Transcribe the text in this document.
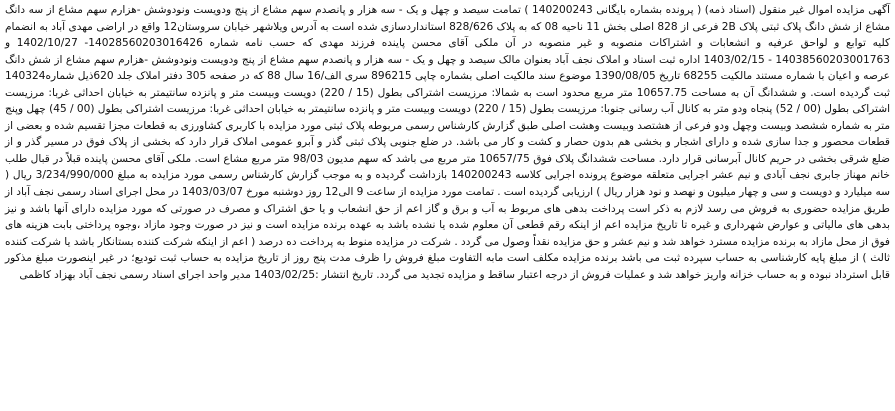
آگهی مزایده اموال غیر منقول (اسناد ذمه) ( پرونده بشماره بایگانی 140200243 ) تمامت سیصد و چهل و یک - سه هزار و پانصدم سهم مشاع از پنج ودویست ونودوشش -هزارم سهم مشاع از سه دانگ مشاع از شش دانگ پلاک ثبتی پلاک 2B فرعی از 828 اصلی بخش 11 ناحیه 08 که به پلاک 828/626 استانداردسازی شده است به آدرس ویلاشهر خیابان سروستان12 واقع در اراضی مهدی آباد به انضمام کلیه توابع و لواحق عرفیه و انشعابات و اشتراکات منصوبه و غیر منصوبه در آن ملکی آقای محسن پاینده فرزند مهدی که حسب نامه شماره 14028560203016426- 1402/10/27 و 14038560203001763 - 1403/02/15 اداره ثبت اسناد و املاک نجف آباد بعنوان مالک سیصد و چهل و یک - سه هزار و پانصدم سهم مشاع از پنج ودویست ونودوشش -هزارم سهم مشاع از شش دانگ عرصه و اعیان با شماره مستند مالکیت 68255 تاریخ 1390/08/05 موضوع سند مالکیت اصلی بشماره چاپی 896215 سری الف/16 سال 88 که در صفحه 305 دفتر املاک جلد 620ذیل شماره140324 ثبت گردیده است. و ششدانگ آن به مساحت 10657.75 متر مربع محدود است به شمالا: مرزیست اشتراکی بطول (15 / 220) دویست وبیست متر و پانزده سانتیمتر به خیابان احداثی غربا: مرزیست اشتراکی بطول (00 / 52) پنجاه ودو متر به کانال آب رسانی جنوبا: مرزیست بطول (15 / 220) دویست وبیست متر و پانزده سانتیمتر به خیابان احداثی غربا: مرزیست اشتراکی بطول (00 / 45) چهل وپنج متر به شماره ششصد وبیست وچهل ودو فرعی از هشتصد وبیست وهشت اصلی طبق گزارش کارشناس رسمی مربوطه پلاک ثبتی مورد مزایده با کاربری کشاورزی به قطعات مجزا تقسیم شده و بعضی از قطعات محصور و جدا سازی شده و دارای اشجار و بخشی هم بدون حصار و کشت و کار می باشد. در ضلع جنوبی پلاک ثبتی گذر و آبرو عمومی املاک قرار دارد که بخشی از پلاک فوق در مسیر گذر و از ضلع شرقی بخشی در حریم کانال آبرسانی قرار دارد. مساحت ششدانگ پلاک فوق 10657/75 متر مربع می باشد که سهم مدیون 98/03 متر مربع مشاع است. ملکی آقای محسن پاینده قبلاً در قبال طلب خانم مهناز جابری نجف آبادی و نیم عشر اجرایی متعلقه موضوع پرونده اجرایی کلاسه 140200243 بازداشت گردیده و به موجب گزارش کارشناس رسمی مورد مزایده به مبلغ 3/234/990/000 ریال ( سه میلیارد و دویست و سی و چهار میلیون و نهصد و نود هزار ریال ) ارزیابی گردیده است . تمامت مورد مزایده از ساعت 9 الی12 روز دوشنبه مورخ 1403/03/07 در محل اجرای اسناد رسمی نجف آباد از طریق مزایده حضوری به فروش می رسد لازم به ذکر است پرداخت بدهی های مربوط به آب و برق و گاز اعم از حق انشعاب و یا حق اشتراک و مصرف در صورتی که مورد مزایده دارای آنها باشد و نیز بدهی های مالیاتی و عوارض شهرداری و غیره تا تاریخ مزایده اعم از اینکه رقم قطعی آن معلوم شده یا نشده باشد به عهده برنده مزایده است و نیز در صورت وجود مازاد ،وجوه پرداختی بابت هزینه های فوق از محل مازاد به برنده مزایده مسترد خواهد شد و نیم عشر و حق مزایده نقداً وصول می گردد . شرکت در مزایده منوط به پرداخت ده درصد ( اعم از اینکه شرکت کننده بستانکار باشد یا شرکت کننده ثالث ) از مبلغ پایه کارشناسی به حساب سپرده ثبت می باشد برنده مزایده مکلف است مابه التفاوت مبلغ فروش را ظرف مدت پنج روز از تاریخ مزایده به حساب ثبت تودیع؛ در غیر اینصورت مبلغ مذکور قابل استرداد نبوده و به حساب خزانه واریز خواهد شد و عملیات فروش از درجه اعتبار ساقط و مزایده تجدید می گردد. تاریخ انتشار :1403/02/25 مدیر واحد اجرای اسناد رسمی نجف آباد بهزاد کاظمی
